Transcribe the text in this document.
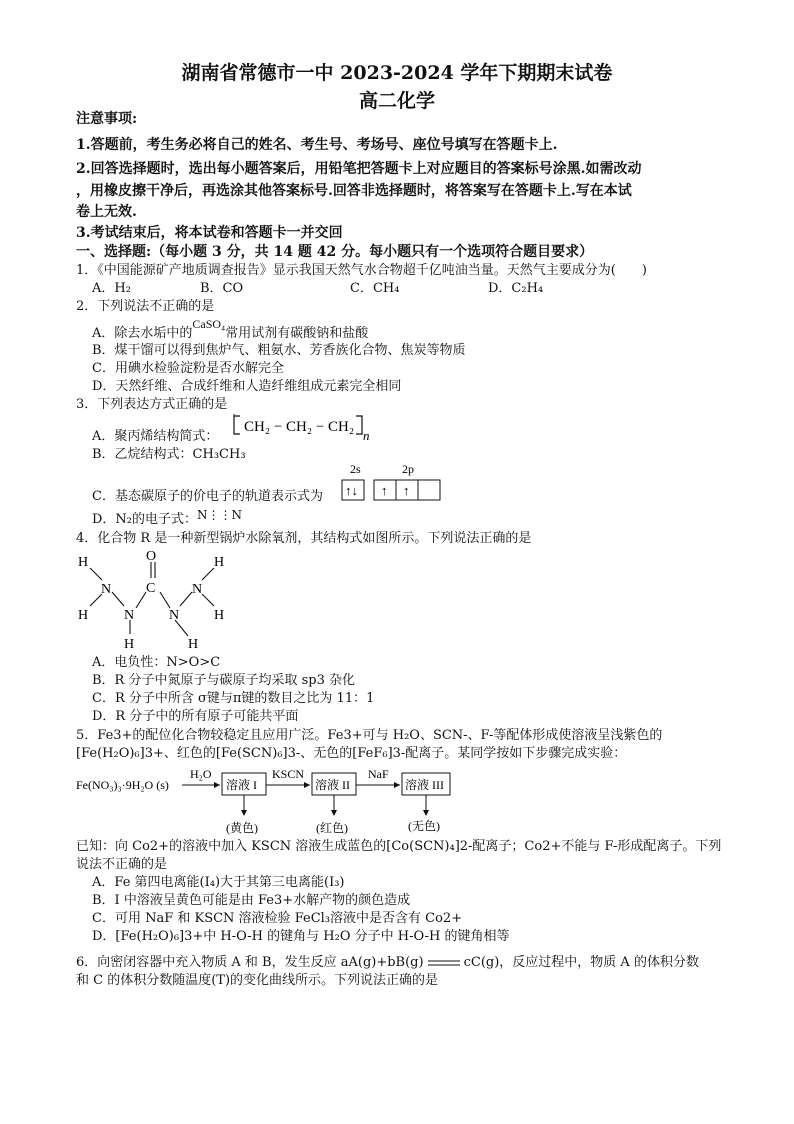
湖南省常德市一中 2023-2024 学年下期期末试卷
高二化学
注意事项:
1.答题前，考生务必将自己的姓名、考生号、考场号、座位号填写在答题卡上.
2.回答选择题时，选出每小题答案后，用铅笔把答题卡上对应题目的答案标号涂黑.如需改动
，用橡皮擦干净后，再选涂其他答案标号.回答非选择题时，将答案写在答题卡上.写在本试
卷上无效.
3.考试结束后，将本试卷和答题卡一并交回
一、选择题:（每小题 3 分，共 14 题 42 分。每小题只有一个选项符合题目要求）
1．《中国能源矿产地质调查报告》显示我国天然气水合物超千亿吨油当量。天然气主要成分为(　　)
A．H₂	B．CO	C．CH₄	D．C₂H₄
2．下列说法不正确的是
A．除去水垢中的CaSO₄常用试剂有碳酸钠和盐酸
B．煤干馏可以得到焦炉气、粗氨水、芳香族化合物、焦炭等物质
C．用碘水检验淀粉是否水解完全
D．天然纤维、合成纤维和人造纤维组成元素完全相同
3．下列表达方式正确的是
A．聚丙烯结构简式：
CH₂ − CH₂ − CH₂
n
B．乙烷结构式：CH₃CH₃
C．基态碳原子的价电子的轨道表示式为
2s	2p
↑↓ ↑ ↑
D．N₂的电子式：N⋮⋮N
4．化合物 R 是一种新型锅炉水除氧剂，其结构式如图所示。下列说法正确的是
H
H
N C
O
N
H
N
H
N
H
H
A．电负性：N>O>C
B．R 分子中氮原子与碳原子均采取 sp3 杂化
C．R 分子中所含 σ键与π键的数目之比为 11：1
D．R 分子中的所有原子可能共平面
5．Fe3+的配位化合物较稳定且应用广泛。Fe3+可与 H₂O、SCN-、F-等配体形成使溶液呈浅紫色的
[Fe(H₂O)₆]3+、红色的[Fe(SCN)₆]3-、无色的[FeF₆]3-配离子。某同学按如下步骤完成实验：
Fe(NO₃)₃·9H₂O (s)
H₂O
溶液 I
KSCN
溶液 II
NaF
溶液 III
(黄色)	(红色)	(无色)
已知：向 Co2+的溶液中加入 KSCN 溶液生成蓝色的[Co(SCN)₄]2-配离子；Co2+不能与 F-形成配离子。下列
说法不正确的是
A．Fe 第四电离能(I₄)大于其第三电离能(I₃)
B．I 中溶液呈黄色可能是由 Fe3+水解产物的颜色造成
C．可用 NaF 和 KSCN 溶液检验 FeCl₃溶液中是否含有 Co2+
D．[Fe(H₂O)₆]3+中 H-O-H 的键角与 H₂O 分子中 H-O-H 的键角相等
6．向密闭容器中充入物质 A 和 B，发生反应 aA(g)+bB(g)	cC(g)，反应过程中，物质 A 的体积分数
和 C 的体积分数随温度(T)的变化曲线所示。下列说法正确的是
